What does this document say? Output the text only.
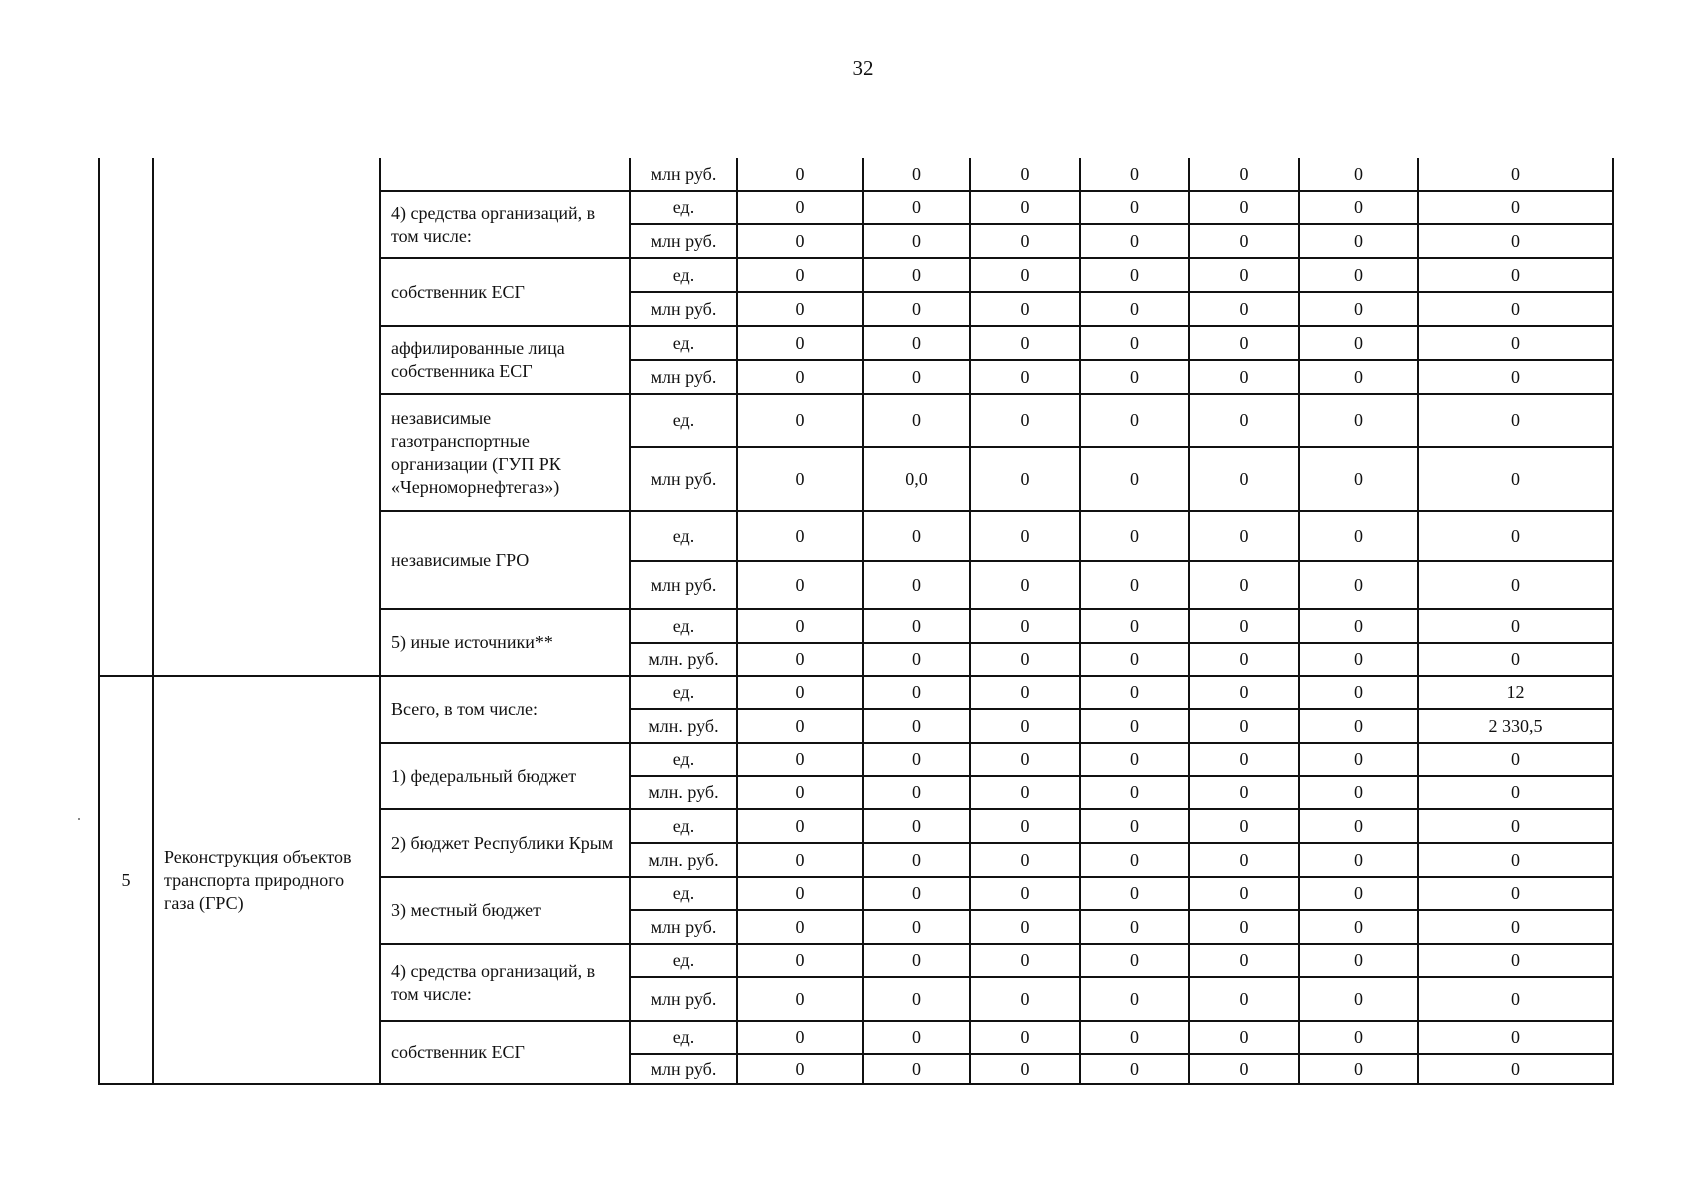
32
			млн руб.	0	0	0	0	0	0	0
		4) средства организаций, в том числе:	ед.	0	0	0	0	0	0	0
			млн руб.	0	0	0	0	0	0	0
		собственник ЕСГ	ед.	0	0	0	0	0	0	0
			млн руб.	0	0	0	0	0	0	0
		аффилированные лица собственника ЕСГ	ед.	0	0	0	0	0	0	0
			млн руб.	0	0	0	0	0	0	0
		независимые газотранспортные организации (ГУП РК «Черноморнефтегаз»)	ед.	0	0	0	0	0	0	0
			млн руб.	0	0,0	0	0	0	0	0
		независимые ГРО	ед.	0	0	0	0	0	0	0
			млн руб.	0	0	0	0	0	0	0
		5) иные источники**	ед.	0	0	0	0	0	0	0
			млн. руб.	0	0	0	0	0	0	0
5	Реконструкция объектов транспорта природного газа (ГРС)	Всего, в том числе:	ед.	0	0	0	0	0	0	12
			млн. руб.	0	0	0	0	0	0	2 330,5
		1) федеральный бюджет	ед.	0	0	0	0	0	0	0
			млн. руб.	0	0	0	0	0	0	0
		2) бюджет Республики Крым	ед.	0	0	0	0	0	0	0
			млн. руб.	0	0	0	0	0	0	0
		3) местный бюджет	ед.	0	0	0	0	0	0	0
			млн руб.	0	0	0	0	0	0	0
		4) средства организаций, в том числе:	ед.	0	0	0	0	0	0	0
			млн руб.	0	0	0	0	0	0	0
		собственник ЕСГ	ед.	0	0	0	0	0	0	0
			млн руб.	0	0	0	0	0	0	0
